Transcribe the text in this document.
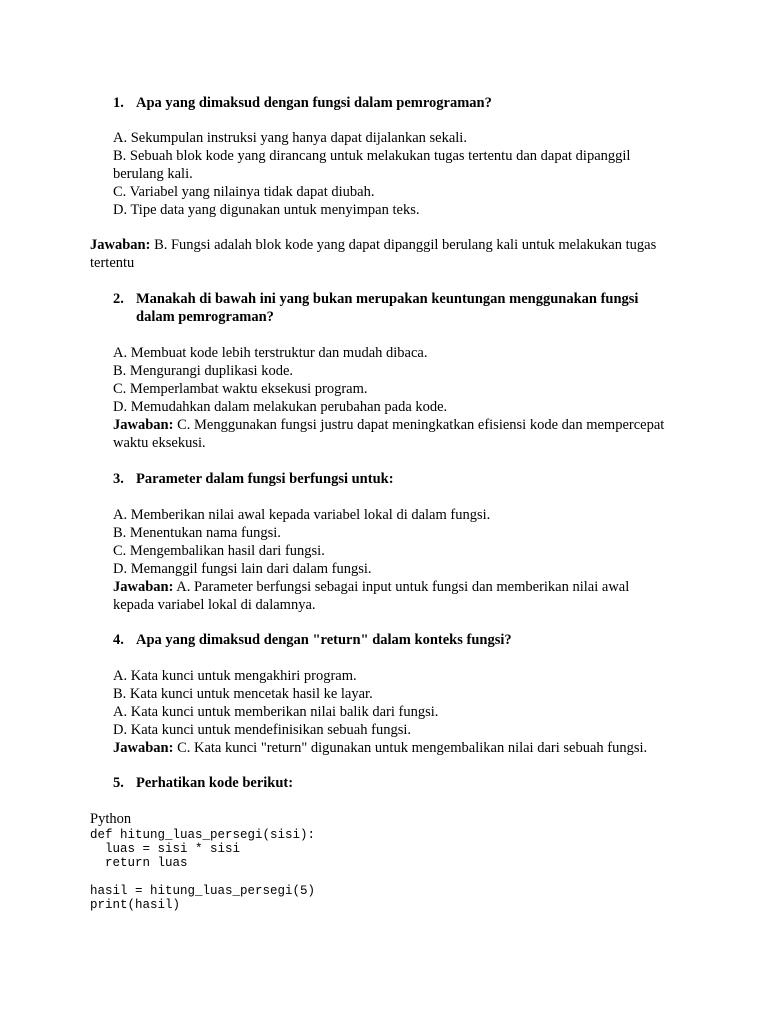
1. Apa yang dimaksud dengan fungsi dalam pemrograman?
A. Sekumpulan instruksi yang hanya dapat dijalankan sekali.
B. Sebuah blok kode yang dirancang untuk melakukan tugas tertentu dan dapat dipanggil berulang kali.
C. Variabel yang nilainya tidak dapat diubah.
D. Tipe data yang digunakan untuk menyimpan teks.
Jawaban: B. Fungsi adalah blok kode yang dapat dipanggil berulang kali untuk melakukan tugas tertentu
2. Manakah di bawah ini yang bukan merupakan keuntungan menggunakan fungsi dalam pemrograman?
A. Membuat kode lebih terstruktur dan mudah dibaca.
B. Mengurangi duplikasi kode.
C. Memperlambat waktu eksekusi program.
D. Memudahkan dalam melakukan perubahan pada kode.
Jawaban: C. Menggunakan fungsi justru dapat meningkatkan efisiensi kode dan mempercepat waktu eksekusi.
3. Parameter dalam fungsi berfungsi untuk:
A. Memberikan nilai awal kepada variabel lokal di dalam fungsi.
B. Menentukan nama fungsi.
C. Mengembalikan hasil dari fungsi.
D. Memanggil fungsi lain dari dalam fungsi.
Jawaban: A. Parameter berfungsi sebagai input untuk fungsi dan memberikan nilai awal kepada variabel lokal di dalamnya.
4. Apa yang dimaksud dengan "return" dalam konteks fungsi?
A. Kata kunci untuk mengakhiri program.
B. Kata kunci untuk mencetak hasil ke layar.
A. Kata kunci untuk memberikan nilai balik dari fungsi.
D. Kata kunci untuk mendefinisikan sebuah fungsi.
Jawaban: C. Kata kunci "return" digunakan untuk mengembalikan nilai dari sebuah fungsi.
5. Perhatikan kode berikut:
Python
def hitung_luas_persegi(sisi):
luas = sisi * sisi
return luas

hasil = hitung_luas_persegi(5)
print(hasil)
